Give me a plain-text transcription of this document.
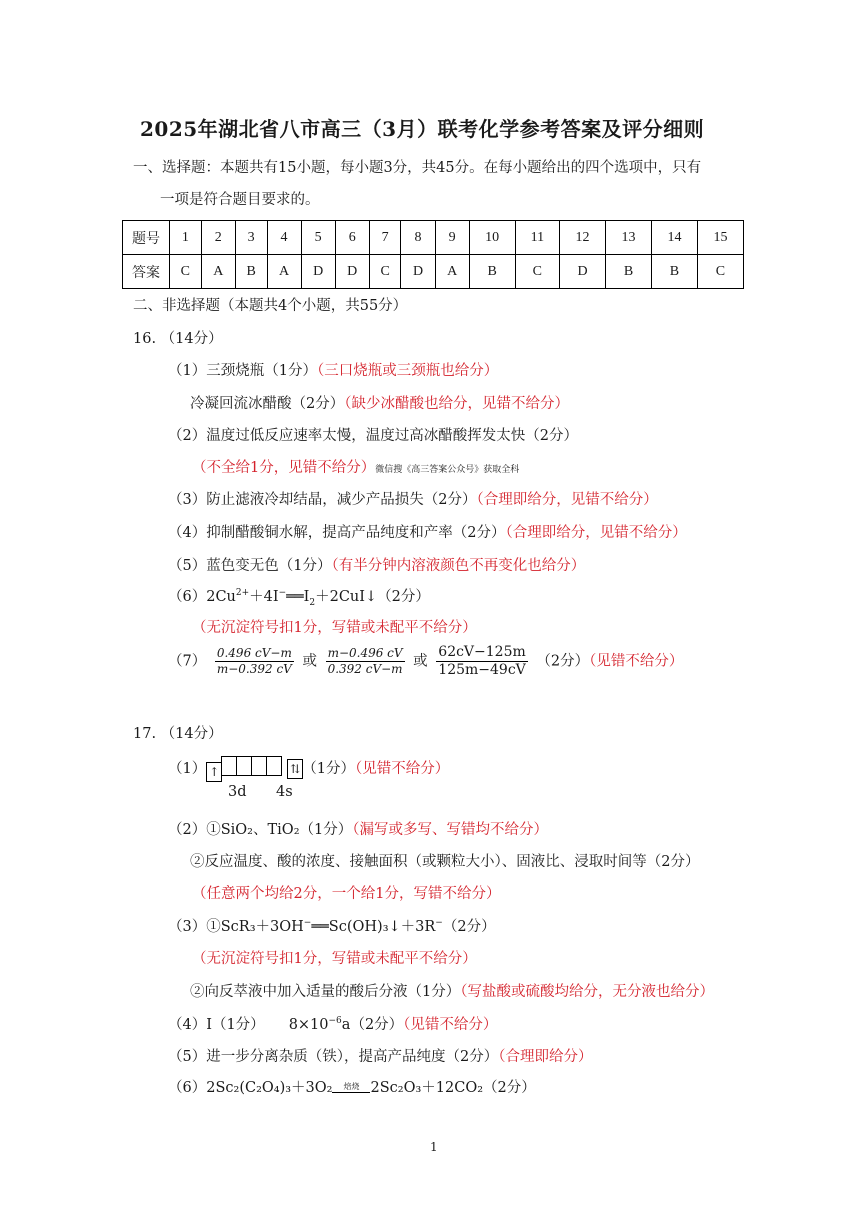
2025年湖北省八市高三（3月）联考化学参考答案及评分细则
一、选择题：本题共有15小题，每小题3分，共45分。在每小题给出的四个选项中，只有
一项是符合题目要求的。
题号	1	2	3	4	5	6	7	8	9	10	11	12	13	14	15
答案	C	A	B	A	D	D	C	D	A	B	C	D	B	B	C
二、非选择题（本题共4个小题，共55分）
16. （14分）
（1）三颈烧瓶（1分）（三口烧瓶或三颈瓶也给分）
冷凝回流冰醋酸（2分）（缺少冰醋酸也给分，见错不给分）
（2）温度过低反应速率太慢，温度过高冰醋酸挥发太快（2分）
（不全给1分，见错不给分）微信搜《高三答案公众号》获取全科
（3）防止滤液冷却结晶，减少产品损失（2分）（合理即给分，见错不给分）
（4）抑制醋酸铜水解，提高产品纯度和产率（2分）（合理即给分，见错不给分）
（5）蓝色变无色（1分）（有半分钟内溶液颜色不再变化也给分）
$(6)2Cu^{2+}+4I^-══I_2+2CuI↓(2$分）
（无沉淀符号扣1分，写错或未配平不给分）
$(7) \frac{0.496 cV-m}{m-0.392 cV}$ 或 $\frac{m-0.496 cV}{0.392 cV-m}$ 或 $\frac{62cV-125m}{125m-49cV} (2$分）（见错不给分）
17. （14分）
（1） ↑	⇅ （1分）（见错不给分）
3d 4s
（2）①SiO₂、TiO₂（1分）（漏写或多写、写错均不给分）
②反应温度、酸的浓度、接触面积（或颗粒大小）、固液比、浸取时间等（2分）
（任意两个均给2分，一个给1分，写错不给分）
（3）①ScR₃＋3OH−══Sc(OH)₃↓＋3R−（2分）
（无沉淀符号扣1分，写错或未配平不给分）
②向反萃液中加入适量的酸后分液（1分）（写盐酸或硫酸均给分，无分液也给分）
（4）Ⅰ（1分） $8\times 10^{-6}a(2$分）（见错不给分）
（5）进一步分离杂质（铁），提高产品纯度（2分）（合理即给分）
（6）2Sc₂(C₂O₄)₃＋3O₂	焙烧 2Sc₂O₃＋12CO₂（2分）
1
